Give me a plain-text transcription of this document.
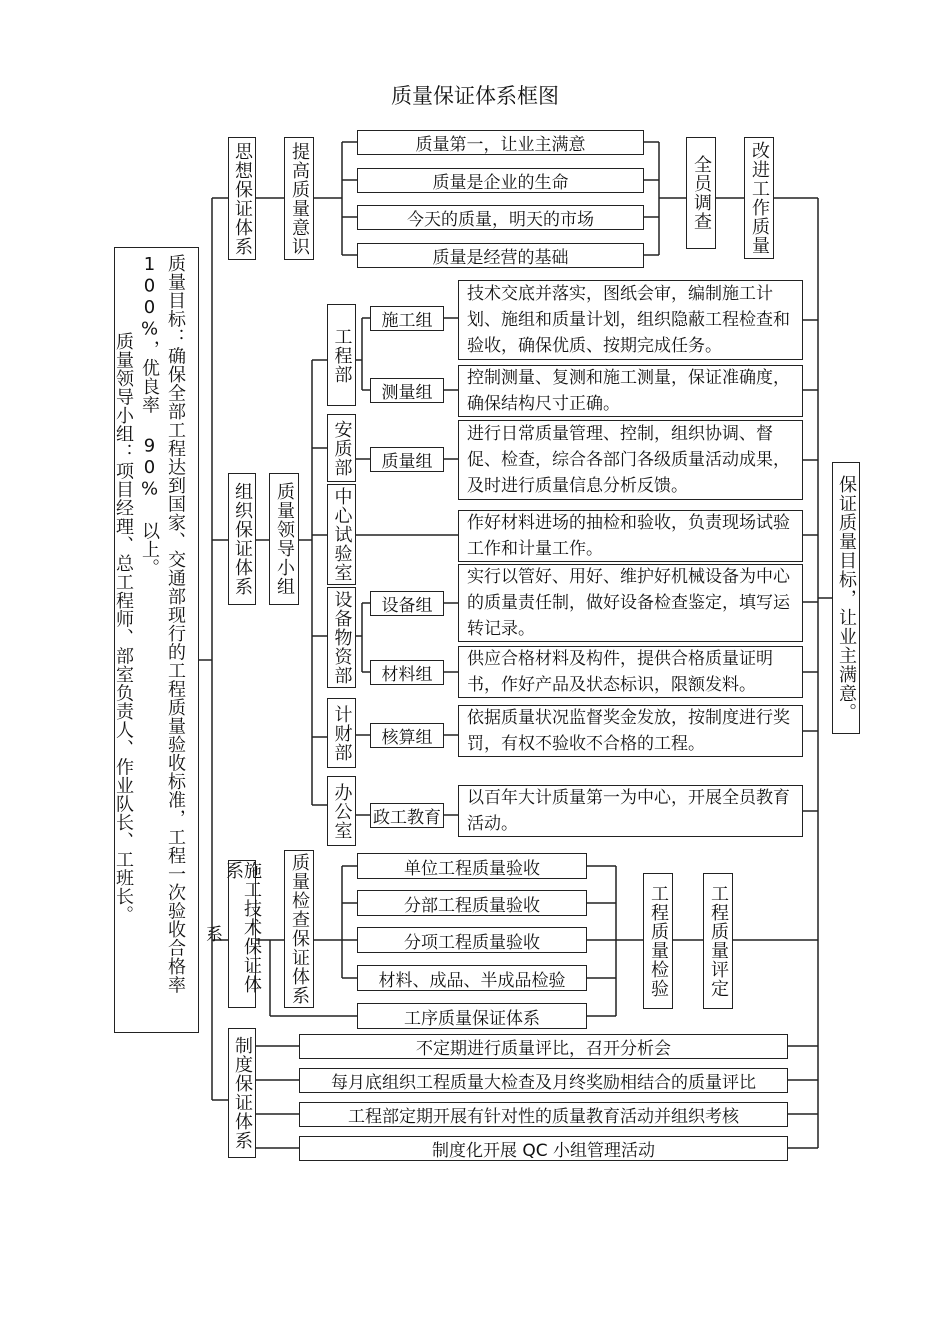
质量保证体系框图
质量目标：确保全部工程达到国家、交通部现行的工程质量验收标准，工程一次验收合格率
100%，优良率 90% 以上。
质量领导小组：项目经理、总工程师、部室负责人、作业队长、工班长。
系
思想保证体系 提高质量意识	质量第一，让业主满意
质量是企业的生命
今天的质量，明天的市场
质量是经营的基础
全员调查 改进工作质量
保证质量目标，让业主满意。
组织保证体系 质量领导小组
工程部
安质部
中心试验室
设备物资部
计财部
办公室
施工组
测量组
质量组
设备组
材料组
核算组
政工教育
技术交底并落实，图纸会审，编制施工计划、施组和质量计划，组织隐蔽工程检查和验收，确保优质、按期完成任务。
控制测量、复测和施工测量，保证准确度，确保结构尺寸正确。
进行日常质量管理、控制，组织协调、督促、检查，综合各部门各级质量活动成果，及时进行质量信息分析反馈。
作好材料进场的抽检和验收，负责现场试验工作和计量工作。
实行以管好、用好、维护好机械设备为中心的质量责任制，做好设备检查鉴定，填写运转记录。
供应合格材料及构件，提供合格质量证明书，作好产品及状态标识，限额发料。
依据质量状况监督奖金发放，按制度进行奖罚，有权不验收不合格的工程。
以百年大计质量第一为中心，开展全员教育活动。
施工技术保证体系	质量检查保证体系	单位工程质量验收
分部工程质量验收
分项工程质量验收
材料、成品、半成品检验
工序质量保证体系
工程质量检验 工程质量评定
制度保证体系	不定期进行质量评比，召开分析会
每月底组织工程质量大检查及月终奖励相结合的质量评比
工程部定期开展有针对性的质量教育活动并组织考核
制度化开展 QC 小组管理活动
